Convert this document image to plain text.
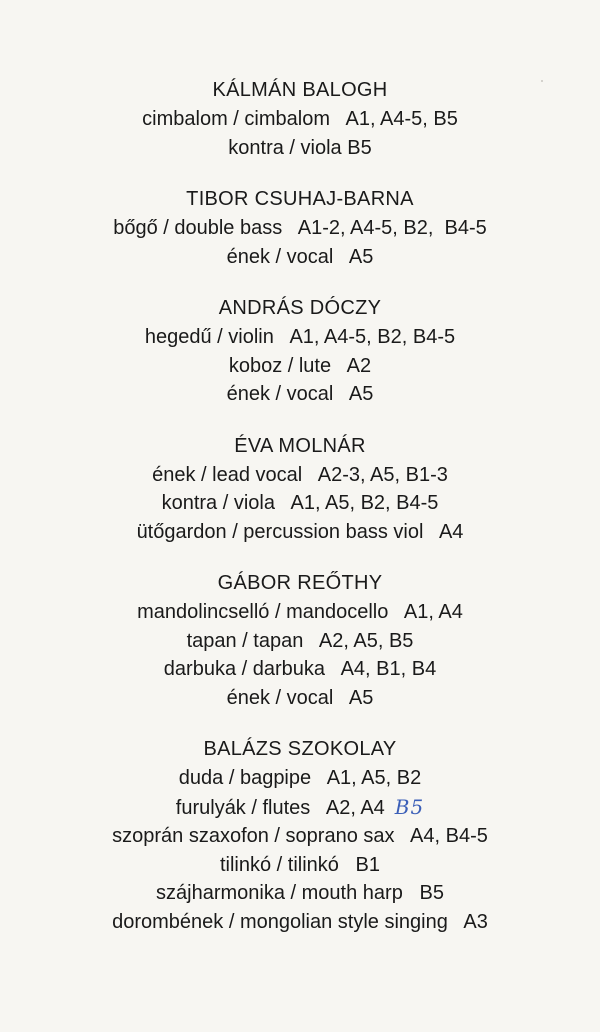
KÁLMÁN BALOGH
cimbalom / cimbalom   A1, A4-5, B5
kontra / viola B5
TIBOR CSUHAJ-BARNA
bőgő / double bass   A1-2, A4-5, B2,  B4-5
ének / vocal   A5
ANDRÁS DÓCZY
hegedű / violin   A1, A4-5, B2, B4-5
koboz / lute   A2
ének / vocal   A5
ÉVA MOLNÁR
ének / lead vocal   A2-3, A5, B1-3
kontra / viola   A1, A5, B2, B4-5
ütőgardon / percussion bass viol   A4
GÁBOR REŐTHY
mandolincselló / mandocello   A1, A4
tapan / tapan   A2, A5, B5
darbuka / darbuka   A4, B1, B4
ének / vocal   A5
BALÁZS SZOKOLAY
duda / bagpipe   A1, A5, B2
furulyák / flutes   A2, A4 B5
szoprán szaxofon / soprano sax   A4, B4-5
tilinkó / tilinkó   B1
szájharmonika / mouth harp   B5
dorombének / mongolian style singing   A3
